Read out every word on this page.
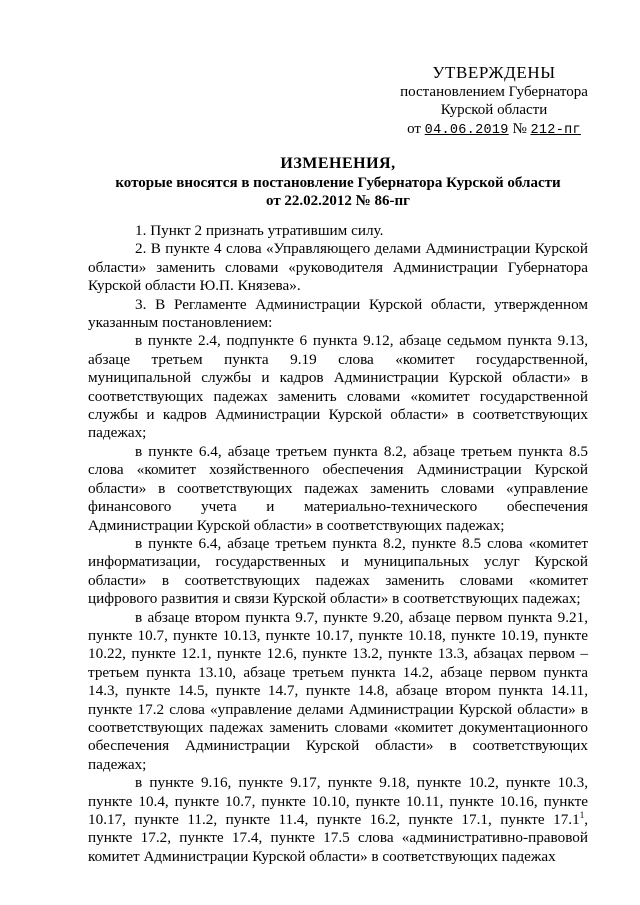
УТВЕРЖДЕНЫ
постановлением Губернатора
Курской области
от 04.06.2019 № 212-пг
ИЗМЕНЕНИЯ,
которые вносятся в постановление Губернатора Курской области
от 22.02.2012 № 86-пг

1. Пункт 2 признать утратившим силу.

2. В пункте 4 слова «Управляющего делами Администрации Курской области» заменить словами «руководителя Администрации Губернатора Курской области Ю.П. Князева».

3. В Регламенте Администрации Курской области, утвержденном указанным постановлением:

в пункте 2.4, подпункте 6 пункта 9.12, абзаце седьмом пункта 9.13, абзаце третьем пункта 9.19 слова «комитет государственной, муниципальной службы и кадров Администрации Курской области» в соответствующих падежах заменить словами «комитет государственной службы и кадров Администрации Курской области» в соответствующих падежах;

в пункте 6.4, абзаце третьем пункта 8.2, абзаце третьем пункта 8.5 слова «комитет хозяйственного обеспечения Администрации Курской области» в соответствующих падежах заменить словами «управление финансового учета и материально-технического обеспечения Администрации Курской области» в соответствующих падежах;

в пункте 6.4, абзаце третьем пункта 8.2, пункте 8.5 слова «комитет информатизации, государственных и муниципальных услуг Курской области» в соответствующих падежах заменить словами «комитет цифрового развития и связи Курской области» в соответствующих падежах;

в абзаце втором пункта 9.7, пункте 9.20, абзаце первом пункта 9.21, пункте 10.7, пункте 10.13, пункте 10.17, пункте 10.18, пункте 10.19, пункте 10.22, пункте 12.1, пункте 12.6, пункте 13.2, пункте 13.3, абзацах первом – третьем пункта 13.10, абзаце третьем пункта 14.2, абзаце первом пункта 14.3, пункте 14.5, пункте 14.7, пункте 14.8, абзаце втором пункта 14.11, пункте 17.2 слова «управление делами Администрации Курской области» в соответствующих падежах заменить словами «комитет документационного обеспечения Администрации Курской области» в соответствующих падежах;

в пункте 9.16, пункте 9.17, пункте 9.18, пункте 10.2, пункте 10.3, пункте 10.4, пункте 10.7, пункте 10.10, пункте 10.11, пункте 10.16, пункте 10.17, пункте 11.2, пункте 11.4, пункте 16.2, пункте 17.1, пункте 17.1$^1$, пункте 17.2, пункте 17.4, пункте 17.5 слова «административно-правовой комитет Администрации Курской области» в соответствующих падежах
